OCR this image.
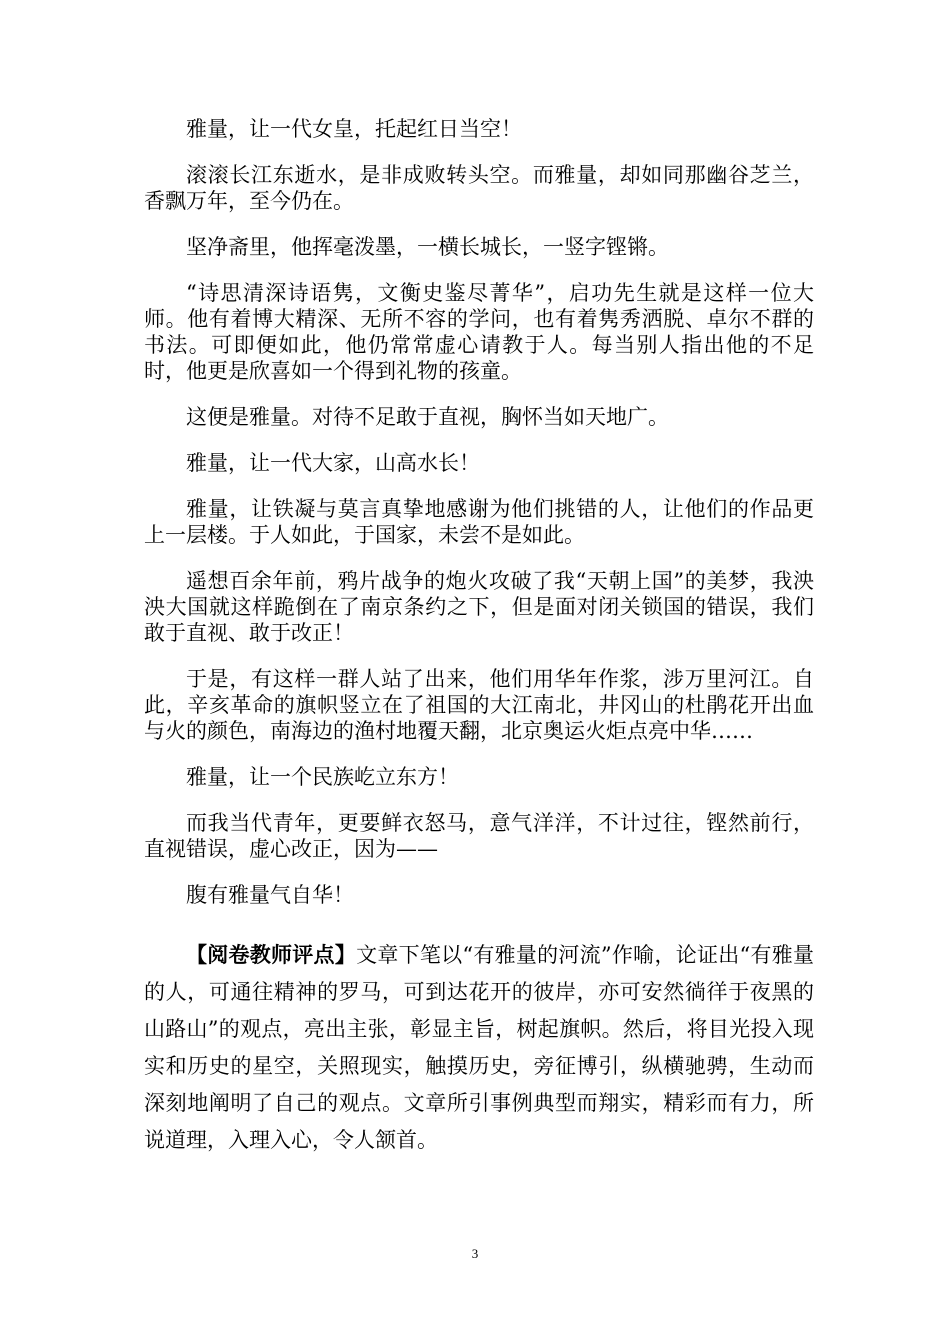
雅量，让一代女皇，托起红日当空！

滚滚长江东逝水，是非成败转头空。而雅量，却如同那幽谷芝兰，香飘万年，至今仍在。

坚净斋里，他挥毫泼墨，一横长城长，一竖字铿锵。

“诗思清深诗语隽，文衡史鉴尽菁华”，启功先生就是这样一位大师。他有着博大精深、无所不容的学问，也有着隽秀洒脱、卓尔不群的书法。可即便如此，他仍常常虚心请教于人。每当别人指出他的不足时，他更是欣喜如一个得到礼物的孩童。

这便是雅量。对待不足敢于直视，胸怀当如天地广。

雅量，让一代大家，山高水长！

雅量，让铁凝与莫言真挚地感谢为他们挑错的人，让他们的作品更上一层楼。于人如此，于国家，未尝不是如此。

遥想百余年前，鸦片战争的炮火攻破了我“天朝上国”的美梦，我泱泱大国就这样跪倒在了南京条约之下，但是面对闭关锁国的错误，我们敢于直视、敢于改正！

于是，有这样一群人站了出来，他们用华年作浆，涉万里河江。自此，辛亥革命的旗帜竖立在了祖国的大江南北，井冈山的杜鹃花开出血与火的颜色，南海边的渔村地覆天翻，北京奥运火炬点亮中华……

雅量，让一个民族屹立东方！

而我当代青年，更要鲜衣怒马，意气洋洋，不计过往，铿然前行，直视错误，虚心改正，因为——

腹有雅量气自华！

【阅卷教师评点】文章下笔以“有雅量的河流”作喻，论证出“有雅量的人，可通往精神的罗马，可到达花开的彼岸，亦可安然徜徉于夜黑的山路山”的观点，亮出主张，彰显主旨，树起旗帜。然后，将目光投入现实和历史的星空，关照现实，触摸历史，旁征博引，纵横驰骋，生动而深刻地阐明了自己的观点。文章所引事例典型而翔实，精彩而有力，所说道理，入理入心，令人颔首。
3
